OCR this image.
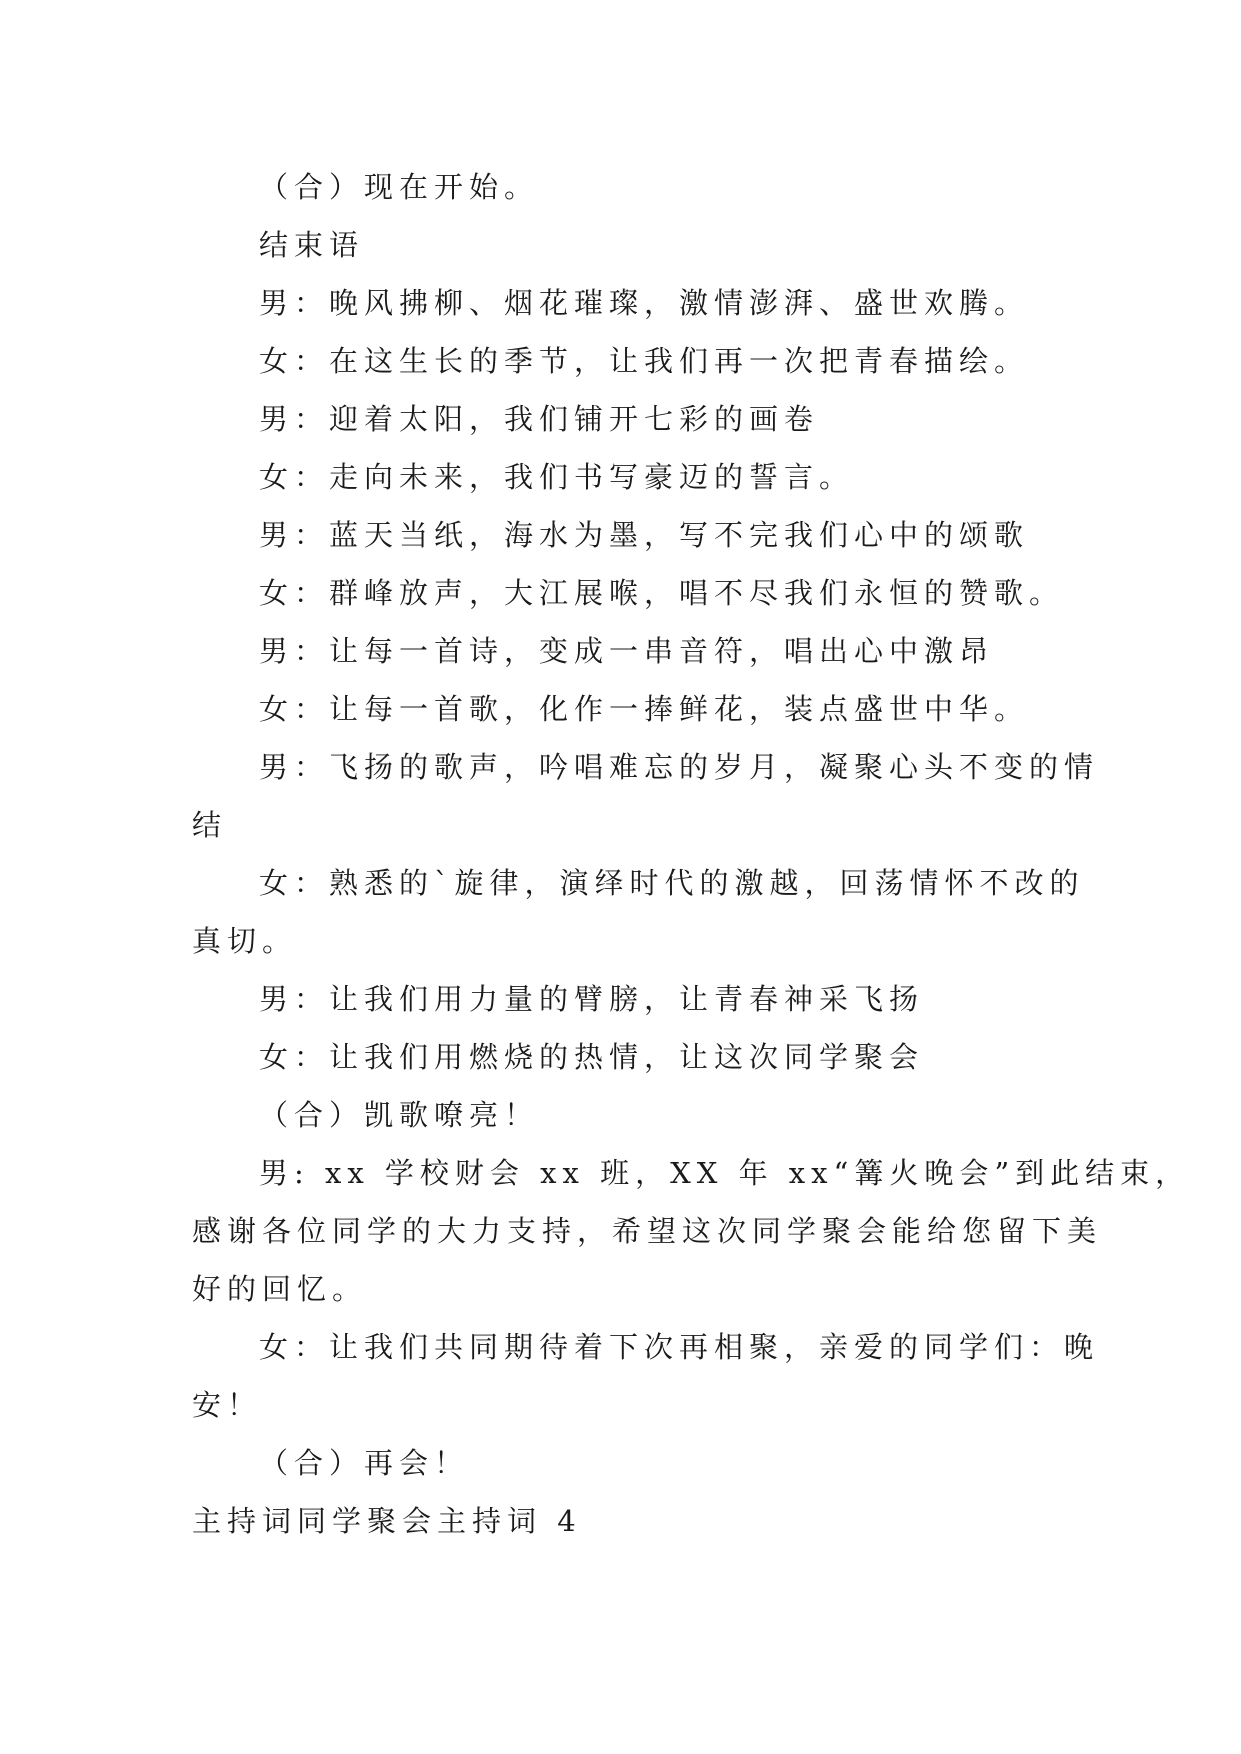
（合）现在开始。
结束语
男：晚风拂柳、烟花璀璨，激情澎湃、盛世欢腾。
女：在这生长的季节，让我们再一次把青春描绘。
男：迎着太阳，我们铺开七彩的画卷
女：走向未来，我们书写豪迈的誓言。
男：蓝天当纸，海水为墨，写不完我们心中的颂歌
女：群峰放声，大江展喉，唱不尽我们永恒的赞歌。
男：让每一首诗，变成一串音符，唱出心中激昂
女：让每一首歌，化作一捧鲜花，装点盛世中华。
男：飞扬的歌声，吟唱难忘的岁月，凝聚心头不变的情
结
女：熟悉的`旋律，演绎时代的激越，回荡情怀不改的
真切。
男：让我们用力量的臂膀，让青春神采飞扬
女：让我们用燃烧的热情，让这次同学聚会
（合）凯歌嘹亮！
男: xx 学校财会 xx 班，XX 年 xx“篝火晚会”到此结束，
感谢各位同学的大力支持，希望这次同学聚会能给您留下美
好的回忆。
女：让我们共同期待着下次再相聚，亲爱的同学们：晚
安！
（合）再会！
主持词同学聚会主持词 4
